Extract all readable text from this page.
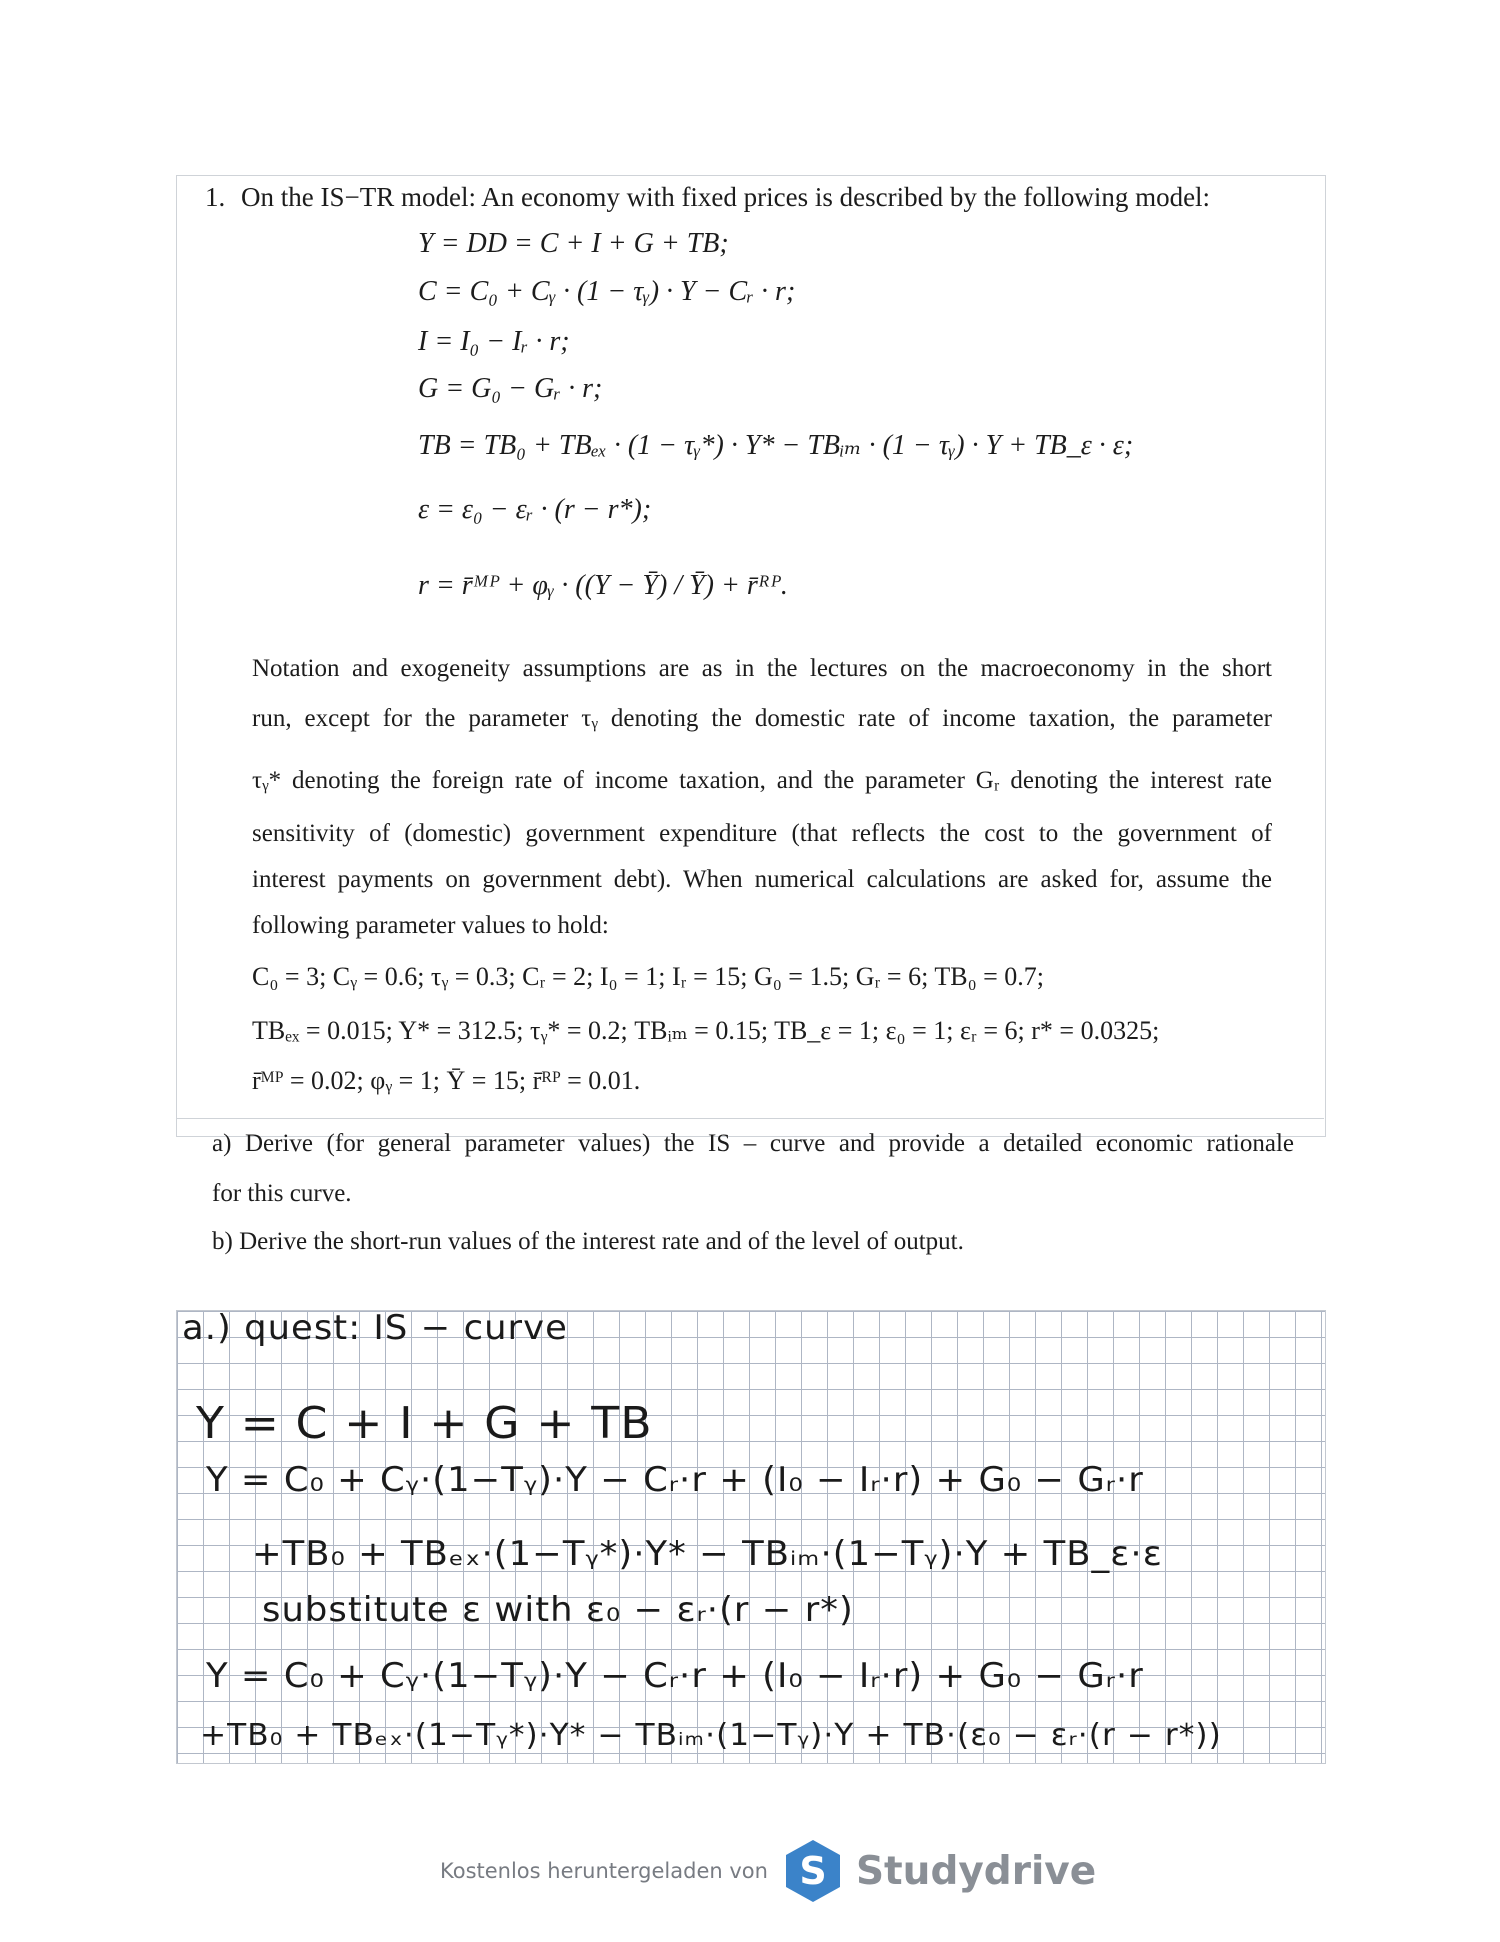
1. On the IS−TR model: An economy with fixed prices is described by the following model:
Y = DD = C + I + G + TB;
C = C₀ + Cᵧ · (1 − τᵧ) · Y − Cᵣ · r;
I = I₀ − Iᵣ · r;
G = G₀ − Gᵣ · r;
TB = TB₀ + TBₑₓ · (1 − τᵧ*) · Y* − TBᵢₘ · (1 − τᵧ) · Y + TB_ε · ε;
ε = ε₀ − εᵣ · (r − r*);
r = r̄ᴹᴾ + φᵧ · ((Y − Ȳ) / Ȳ) + r̄ᴿᴾ.
Notation and exogeneity assumptions are as in the lectures on the macroeconomy in the short
run, except for the parameter τᵧ denoting the domestic rate of income taxation, the parameter
τᵧ* denoting the foreign rate of income taxation, and the parameter Gᵣ denoting the interest rate
sensitivity of (domestic) government expenditure (that reflects the cost to the government of
interest payments on government debt). When numerical calculations are asked for, assume the
following parameter values to hold:
C₀ = 3; Cᵧ = 0.6; τᵧ = 0.3; Cᵣ = 2; I₀ = 1; Iᵣ = 15; G₀ = 1.5; Gᵣ = 6; TB₀ = 0.7;
TBₑₓ = 0.015; Y* = 312.5; τᵧ* = 0.2; TBᵢₘ = 0.15; TB_ε = 1; ε₀ = 1; εᵣ = 6; r* = 0.0325;
r̄ᴹᴾ = 0.02; φᵧ = 1; Ȳ = 15; r̄ᴿᴾ = 0.01.
a) Derive (for general parameter values) the IS – curve and provide a detailed economic rationale
for this curve.
b) Derive the short-run values of the interest rate and of the level of output.
a.) quest: IS − curve
Y = C + I + G + TB
Y = C₀ + Cᵧ·(1−Tᵧ)·Y − Cᵣ·r + (I₀ − Iᵣ·r) + G₀ − Gᵣ·r
+TB₀ + TBₑₓ·(1−Tᵧ*)·Y* − TBᵢₘ·(1−Tᵧ)·Y + TB_ε·ε
substitute ε with ε₀ − εᵣ·(r − r*)
Y = C₀ + Cᵧ·(1−Tᵧ)·Y − Cᵣ·r + (I₀ − Iᵣ·r) + G₀ − Gᵣ·r
+TB₀ + TBₑₓ·(1−Tᵧ*)·Y* − TBᵢₘ·(1−Tᵧ)·Y + TB·(ε₀ − εᵣ·(r − r*))
Kostenlos heruntergeladen von S Studydrive
